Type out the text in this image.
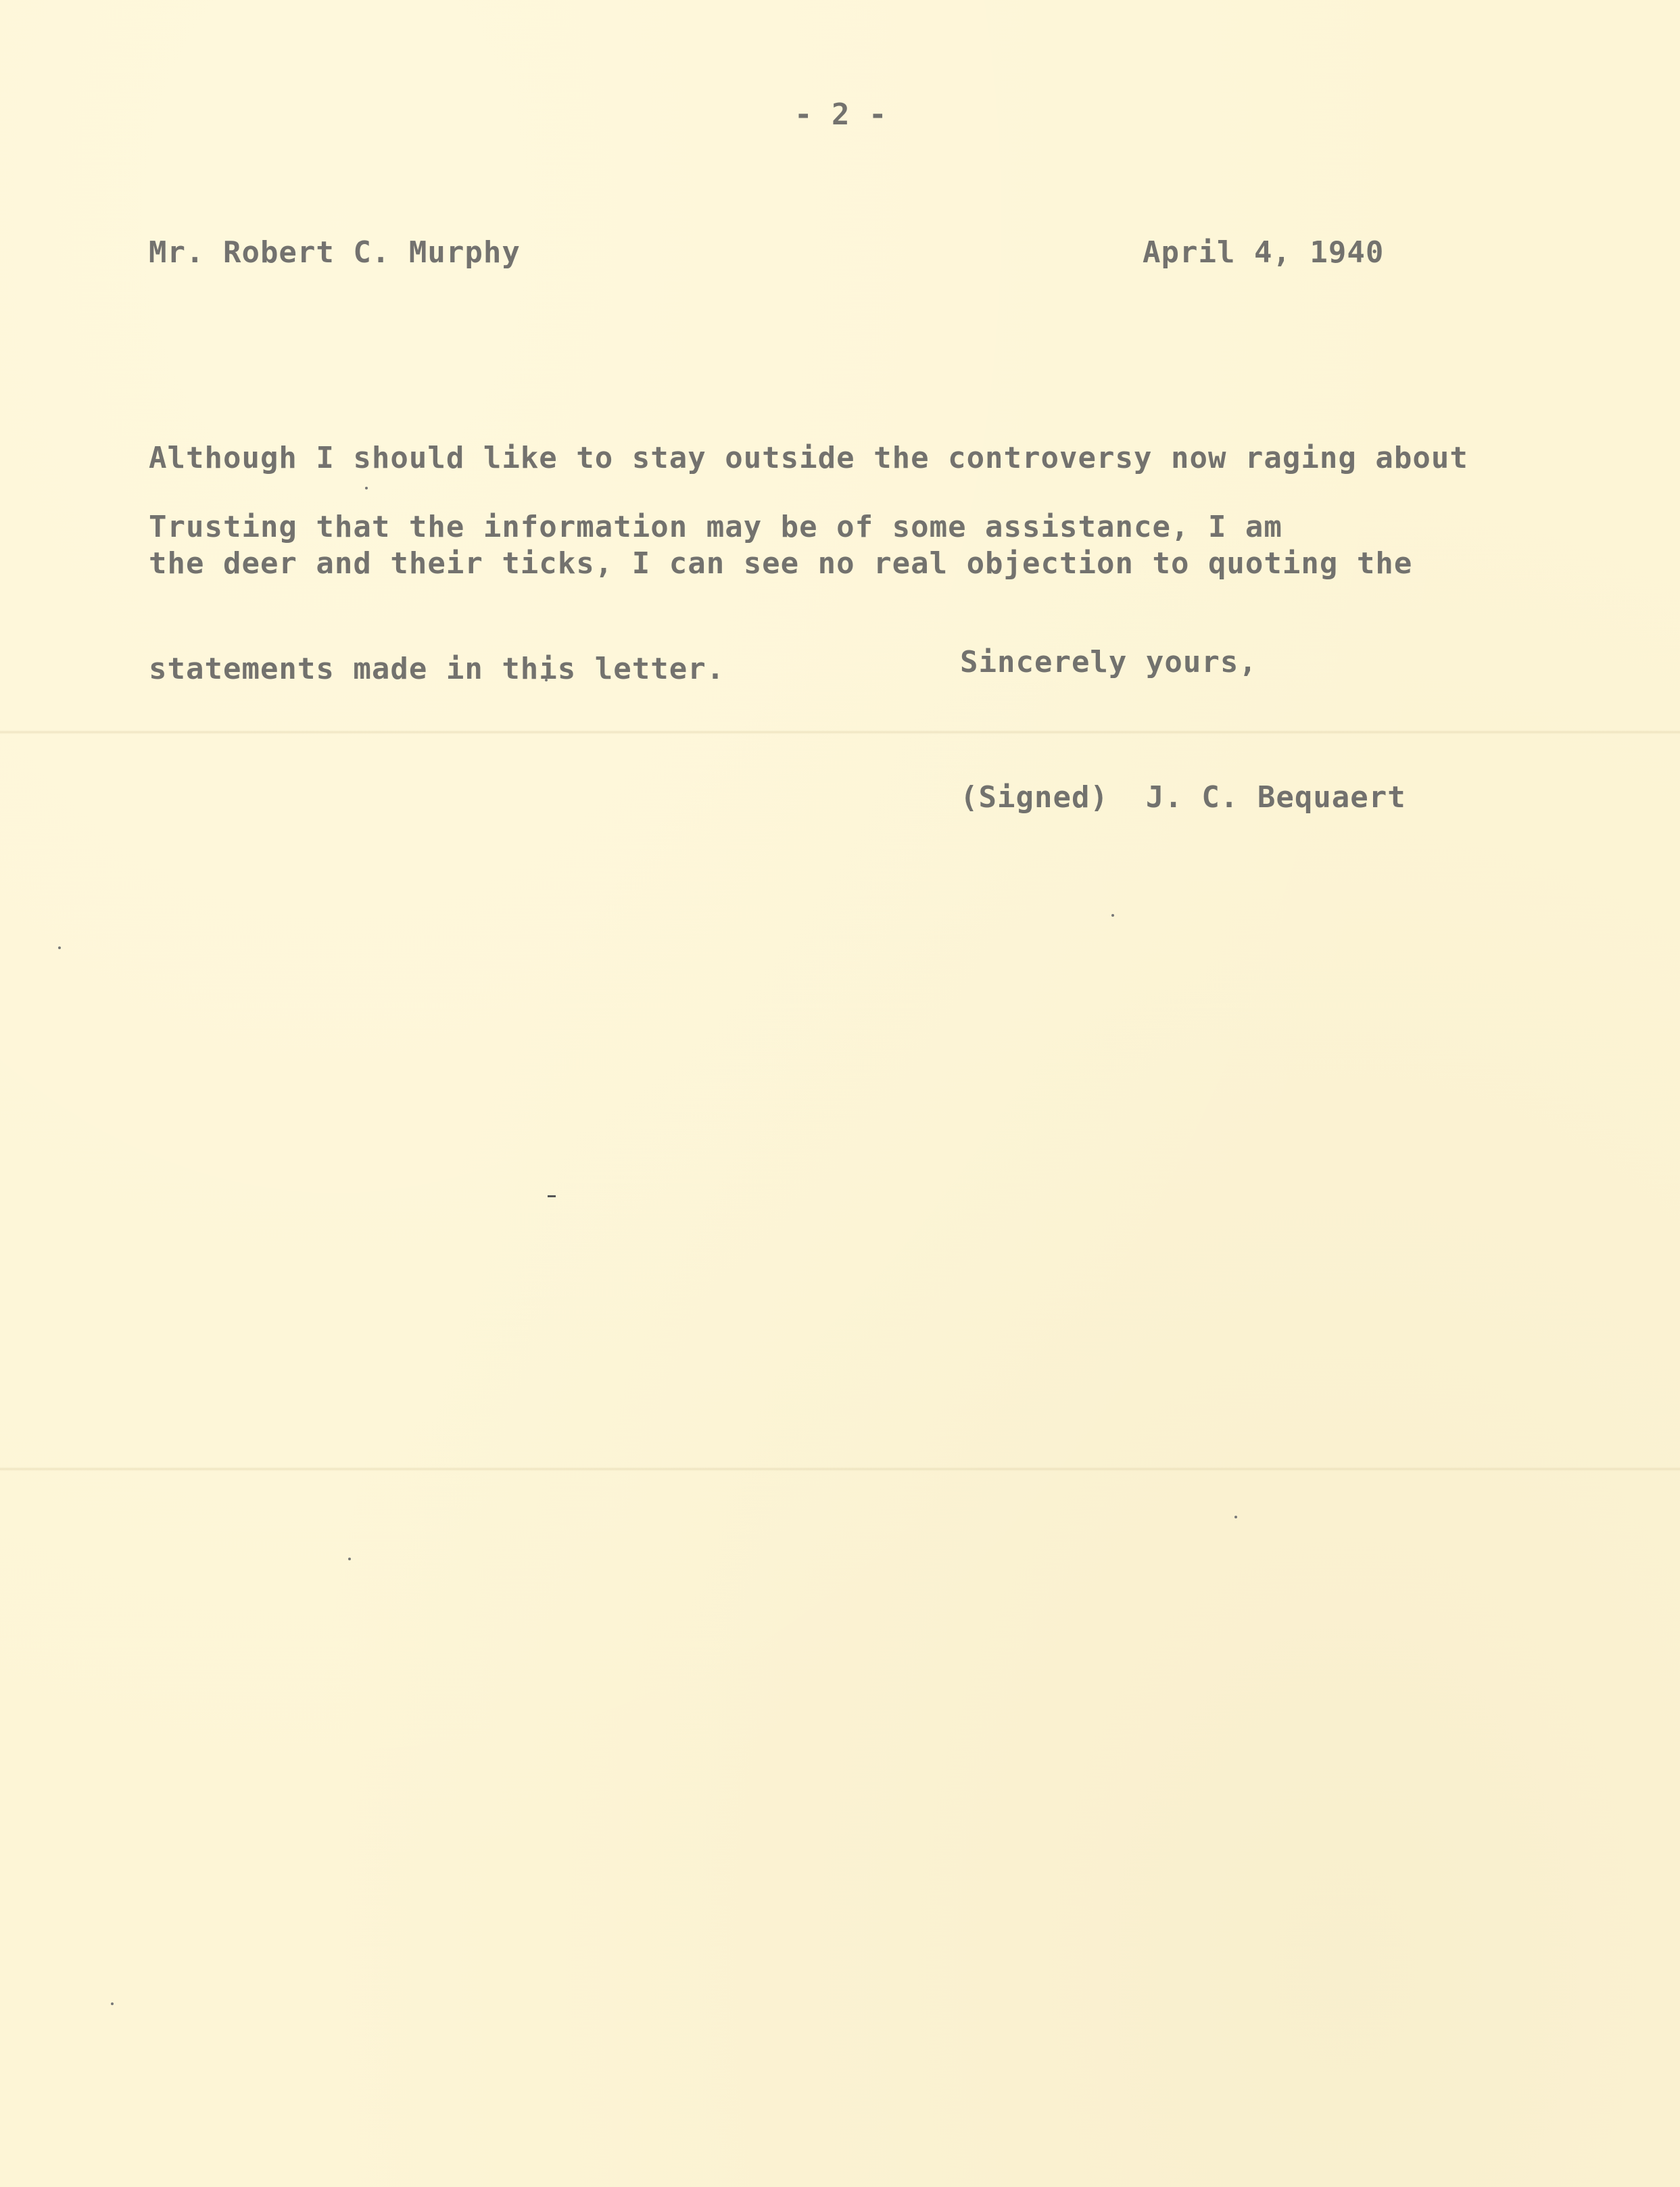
- 2 -
Mr. Robert C. Murphy	April 4, 1940

Although I should like to stay outside the controversy now raging about

the deer and their ticks, I can see no real objection to quoting the

statements made in this letter.

Trusting that the information may be of some assistance, I am
Sincerely yours,
(Signed)  J. C. Bequaert
